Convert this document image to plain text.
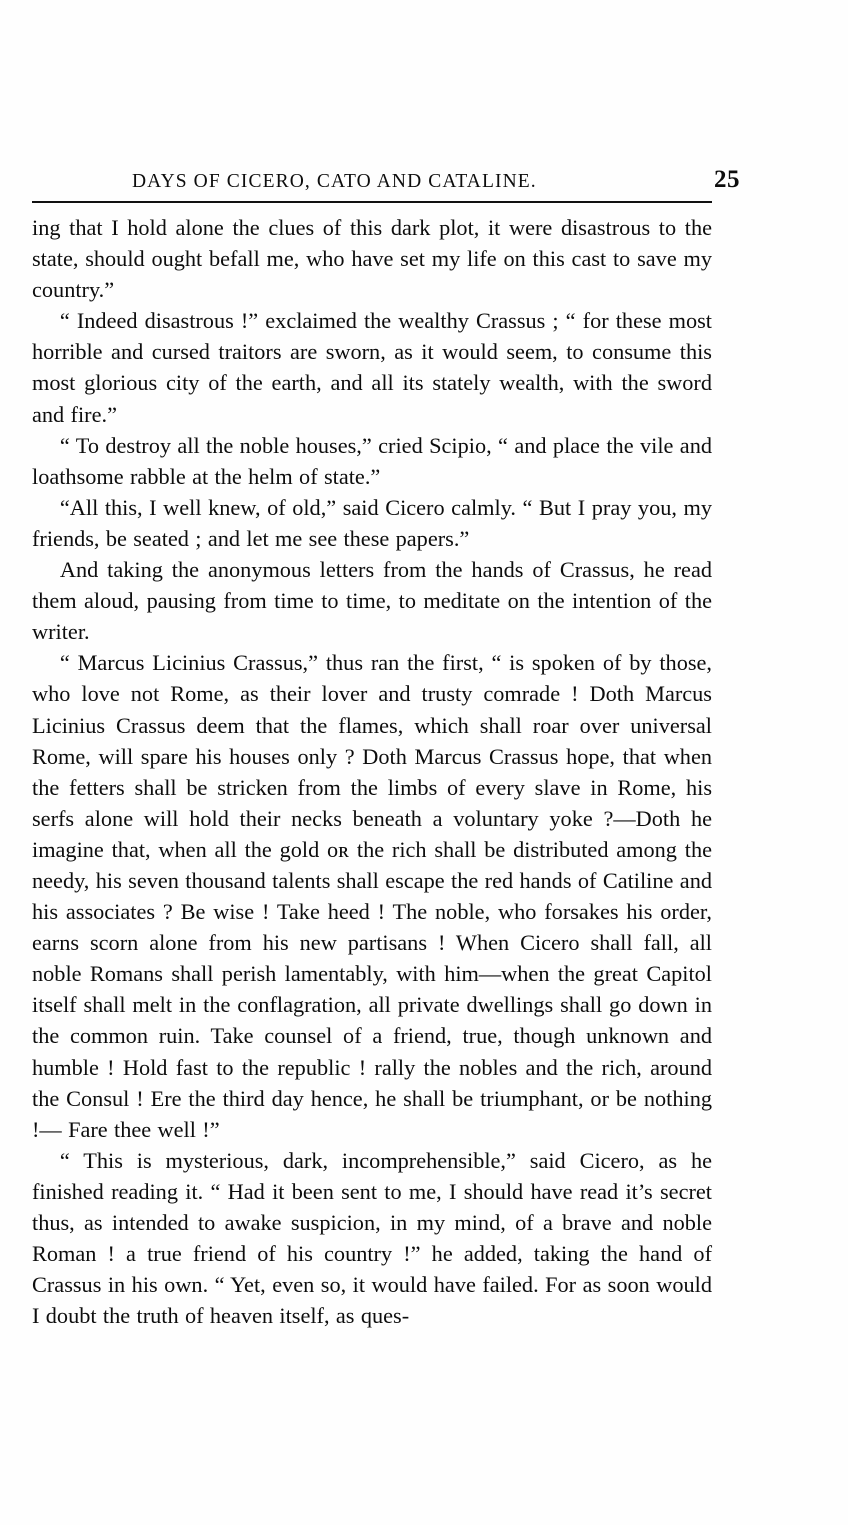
DAYS OF CICERO, CATO AND CATALINE.	25

ing that I hold alone the clues of this dark plot, it were disastrous to the state, should ought befall me, who have set my life on this cast to save my country.”

“ Indeed disastrous !” exclaimed the wealthy Crassus ; “ for these most horrible and cursed traitors are sworn, as it would seem, to consume this most glorious city of the earth, and all its stately wealth, with the sword and fire.”

“ To destroy all the noble houses,” cried Scipio, “ and place the vile and loathsome rabble at the helm of state.”

“All this, I well knew, of old,” said Cicero calmly. “ But I pray you, my friends, be seated ; and let me see these papers.”

And taking the anonymous letters from the hands of Crassus, he read them aloud, pausing from time to time, to meditate on the intention of the writer.

“ Marcus Licinius Crassus,” thus ran the first, “ is spoken of by those, who love not Rome, as their lover and trusty comrade ! Doth Marcus Licinius Crassus deem that the flames, which shall roar over universal Rome, will spare his houses only ? Doth Marcus Crassus hope, that when the fetters shall be stricken from the limbs of every slave in Rome, his serfs alone will hold their necks beneath a voluntary yoke ?—Doth he imagine that, when all the gold oʀ the rich shall be distributed among the needy, his seven thousand talents shall escape the red hands of Catiline and his associates ? Be wise ! Take heed ! The noble, who forsakes his order, earns scorn alone from his new partisans ! When Cicero shall fall, all noble Romans shall perish lamentably, with him—when the great Capitol itself shall melt in the conflagration, all private dwellings shall go down in the common ruin. Take counsel of a friend, true, though unknown and humble ! Hold fast to the republic ! rally the nobles and the rich, around the Consul ! Ere the third day hence, he shall be triumphant, or be nothing !— Fare thee well !”

“ This is mysterious, dark, incomprehensible,” said Cicero, as he finished reading it. “ Had it been sent to me, I should have read it’s secret thus, as intended to awake suspicion, in my mind, of a brave and noble Roman ! a true friend of his country !” he added, taking the hand of Crassus in his own. “ Yet, even so, it would have failed. For as soon would I doubt the truth of heaven itself, as ques-
